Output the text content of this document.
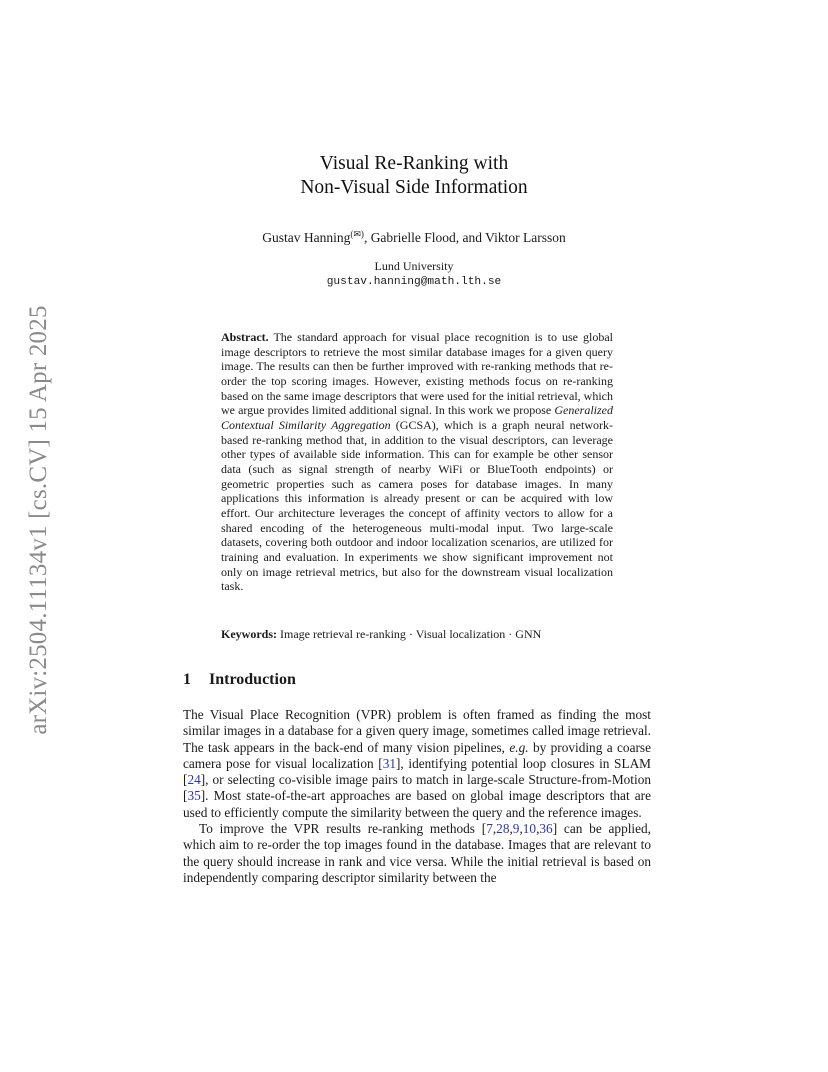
arXiv:2504.11134v1 [cs.CV] 15 Apr 2025
Visual Re-Ranking with
Non-Visual Side Information
Gustav Hanning(✉), Gabrielle Flood, and Viktor Larsson
Lund University
gustav.hanning@math.lth.se
Abstract. The standard approach for visual place recognition is to use global image descriptors to retrieve the most similar database images for a given query image. The results can then be further improved with re-ranking methods that re-order the top scoring images. However, existing methods focus on re-ranking based on the same image descriptors that were used for the initial retrieval, which we argue provides limited additional signal. In this work we propose Generalized Contextual Similarity Aggregation (GCSA), which is a graph neural network-based re-ranking method that, in addition to the visual descriptors, can leverage other types of available side information. This can for example be other sensor data (such as signal strength of nearby WiFi or BlueTooth endpoints) or geometric properties such as camera poses for database images. In many applications this information is already present or can be acquired with low effort. Our architecture leverages the concept of affinity vectors to allow for a shared encoding of the heterogeneous multi-modal input. Two large-scale datasets, covering both outdoor and indoor localization scenarios, are utilized for training and evaluation. In experiments we show significant improvement not only on image retrieval metrics, but also for the downstream visual localization task.
Keywords: Image retrieval re-ranking · Visual localization · GNN
1 Introduction

The Visual Place Recognition (VPR) problem is often framed as finding the most similar images in a database for a given query image, sometimes called image retrieval. The task appears in the back-end of many vision pipelines, e.g. by providing a coarse camera pose for visual localization [31], identifying potential loop closures in SLAM [24], or selecting co-visible image pairs to match in large-scale Structure-from-Motion [35]. Most state-of-the-art approaches are based on global image descriptors that are used to efficiently compute the similarity between the query and the reference images.

To improve the VPR results re-ranking methods [7,28,9,10,36] can be applied, which aim to re-order the top images found in the database. Images that are relevant to the query should increase in rank and vice versa. While the initial retrieval is based on independently comparing descriptor similarity between the
